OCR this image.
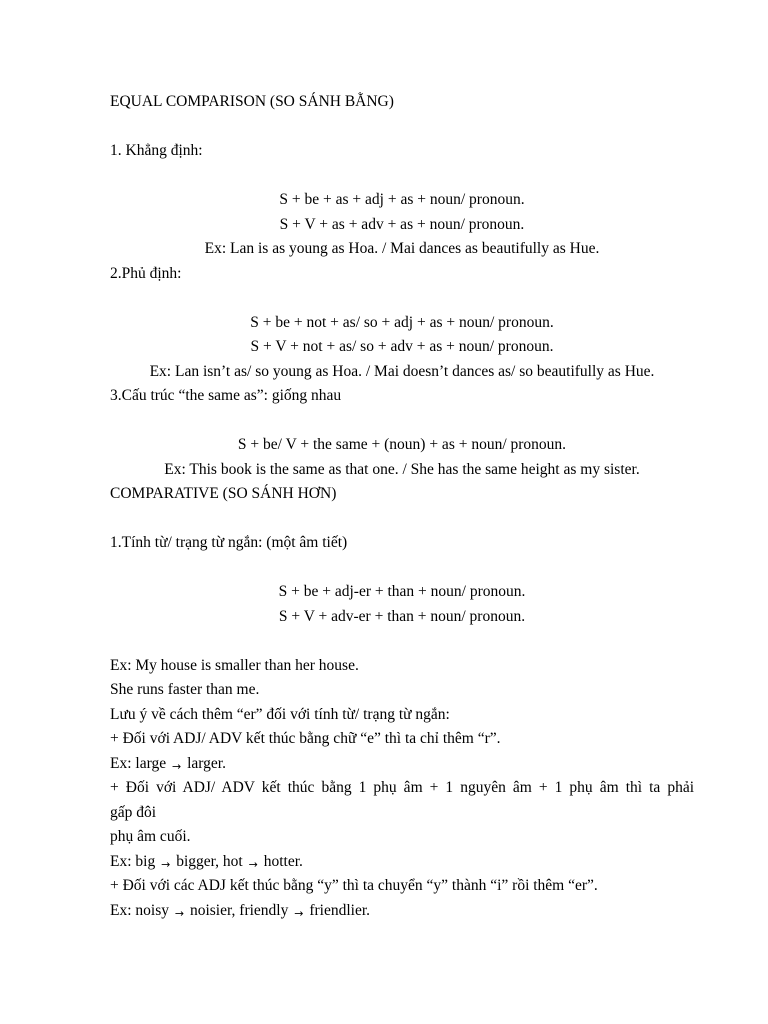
EQUAL COMPARISON (SO SÁNH BẰNG)
1. Khẳng định:
S + be + as + adj + as + noun/ pronoun.
S + V + as + adv + as + noun/ pronoun.
Ex: Lan is as young as Hoa. / Mai dances as beautifully as Hue.
2.Phủ định:
S + be + not + as/ so + adj + as + noun/ pronoun.
S + V + not + as/ so + adv + as + noun/ pronoun.
Ex: Lan isn’t as/ so young as Hoa. / Mai doesn’t dances as/ so beautifully as Hue.
3.Cấu trúc “the same as”: giống nhau
S + be/ V + the same + (noun) + as + noun/ pronoun.
Ex: This book is the same as that one. / She has the same height as my sister.
COMPARATIVE (SO SÁNH HƠN)
1.Tính từ/ trạng từ ngắn: (một âm tiết)
S + be + adj-er + than + noun/ pronoun.
S + V + adv-er + than + noun/ pronoun.
Ex: My house is smaller than her house.
She runs faster than me.
Lưu ý về cách thêm “er” đối với tính từ/ trạng từ ngắn:
+ Đối với ADJ/ ADV kết thúc bằng chữ “e” thì ta chỉ thêm “r”.
Ex: large → larger.
+ Đối với ADJ/ ADV kết thúc bằng 1 phụ âm + 1 nguyên âm + 1 phụ âm thì ta phải
gấp đôi
phụ âm cuối.
Ex: big → bigger, hot → hotter.
+ Đối với các ADJ kết thúc bằng “y” thì ta chuyển “y” thành “i” rồi thêm “er”.
Ex: noisy → noisier, friendly → friendlier.
